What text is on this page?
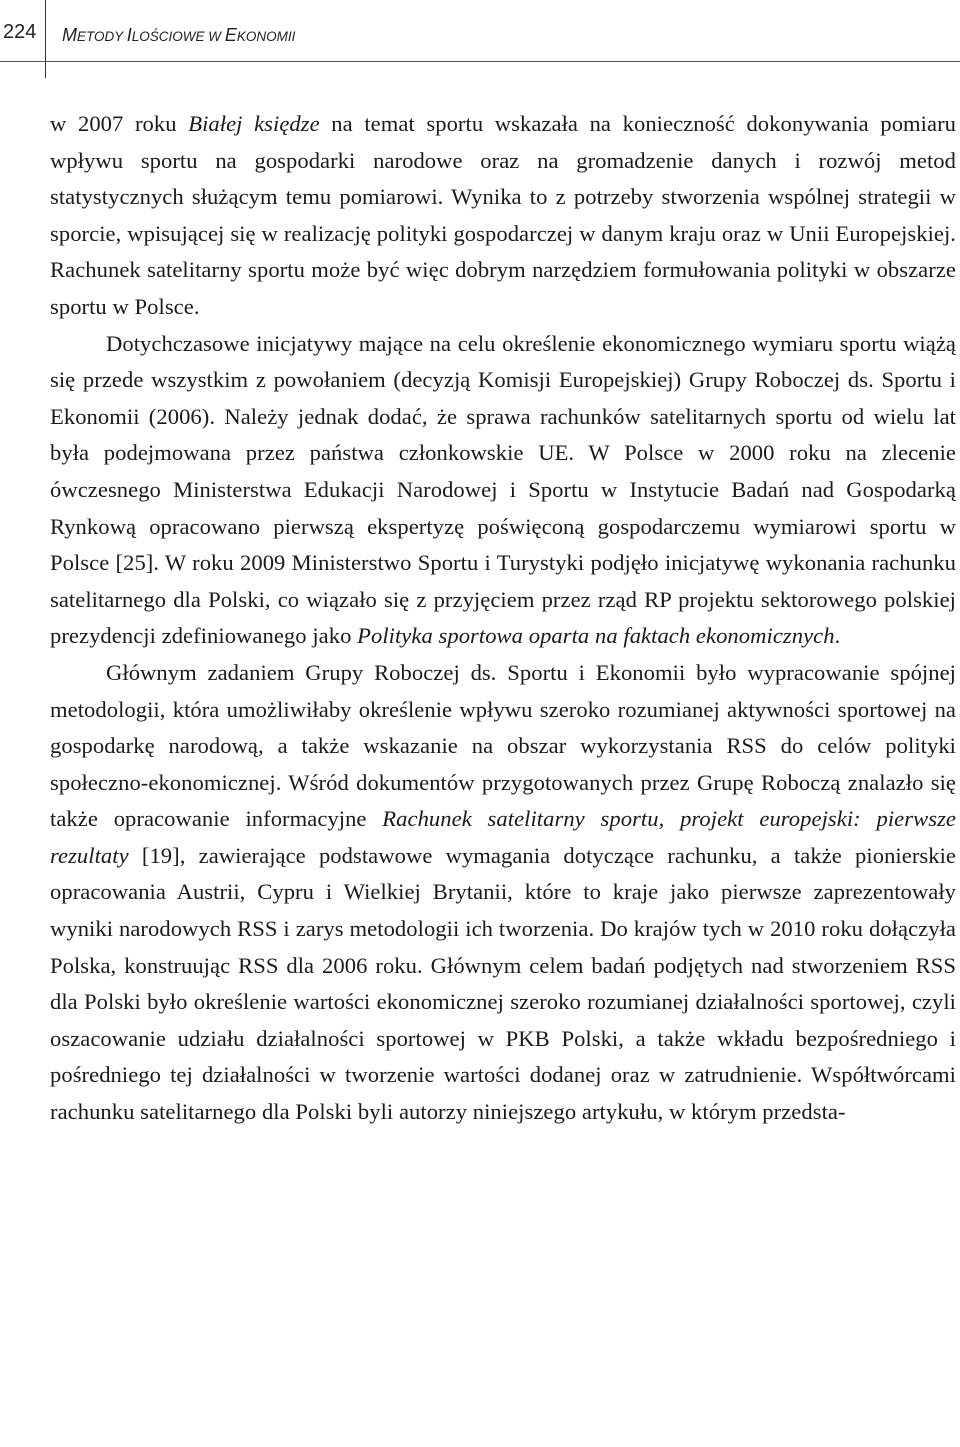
224 METODY ILOŚCIOWE W EKONOMII

w 2007 roku Białej księdze na temat sportu wskazała na konieczność dokonywania pomiaru wpływu sportu na gospodarki narodowe oraz na gromadzenie danych i rozwój metod statystycznych służącym temu pomiarowi. Wynika to z potrzeby stworzenia wspólnej strategii w sporcie, wpisującej się w realizację polityki gospodarczej w danym kraju oraz w Unii Europejskiej. Rachunek satelitarny sportu może być więc dobrym narzędziem formułowania polityki w obszarze sportu w Polsce.

Dotychczasowe inicjatywy mające na celu określenie ekonomicznego wymiaru sportu wiążą się przede wszystkim z powołaniem (decyzją Komisji Europejskiej) Grupy Roboczej ds. Sportu i Ekonomii (2006). Należy jednak dodać, że sprawa rachunków satelitarnych sportu od wielu lat była podejmowana przez państwa członkowskie UE. W Polsce w 2000 roku na zlecenie ówczesnego Ministerstwa Edukacji Narodowej i Sportu w Instytucie Badań nad Gospodarką Rynkową opracowano pierwszą ekspertyzę poświęconą gospodarczemu wymiarowi sportu w Polsce [25]. W roku 2009 Ministerstwo Sportu i Turystyki podjęło inicjatywę wykonania rachunku satelitarnego dla Polski, co wiązało się z przyjęciem przez rząd RP projektu sektorowego polskiej prezydencji zdefiniowanego jako Polityka sportowa oparta na faktach ekonomicznych.

Głównym zadaniem Grupy Roboczej ds. Sportu i Ekonomii było wypracowanie spójnej metodologii, która umożliwiłaby określenie wpływu szeroko rozumianej aktywności sportowej na gospodarkę narodową, a także wskazanie na obszar wykorzystania RSS do celów polityki społeczno-ekonomicznej. Wśród dokumentów przygotowanych przez Grupę Roboczą znalazło się także opracowanie informacyjne Rachunek satelitarny sportu, projekt europejski: pierwsze rezultaty [19], zawierające podstawowe wymagania dotyczące rachunku, a także pionierskie opracowania Austrii, Cypru i Wielkiej Brytanii, które to kraje jako pierwsze zaprezentowały wyniki narodowych RSS i zarys metodologii ich tworzenia. Do krajów tych w 2010 roku dołączyła Polska, konstruując RSS dla 2006 roku. Głównym celem badań podjętych nad stworzeniem RSS dla Polski było określenie wartości ekonomicznej szeroko rozumianej działalności sportowej, czyli oszacowanie udziału działalności sportowej w PKB Polski, a także wkładu bezpośredniego i pośredniego tej działalności w tworzenie wartości dodanej oraz w zatrudnienie. Współtwórcami rachunku satelitarnego dla Polski byli autorzy niniejszego artykułu, w którym przedsta-
